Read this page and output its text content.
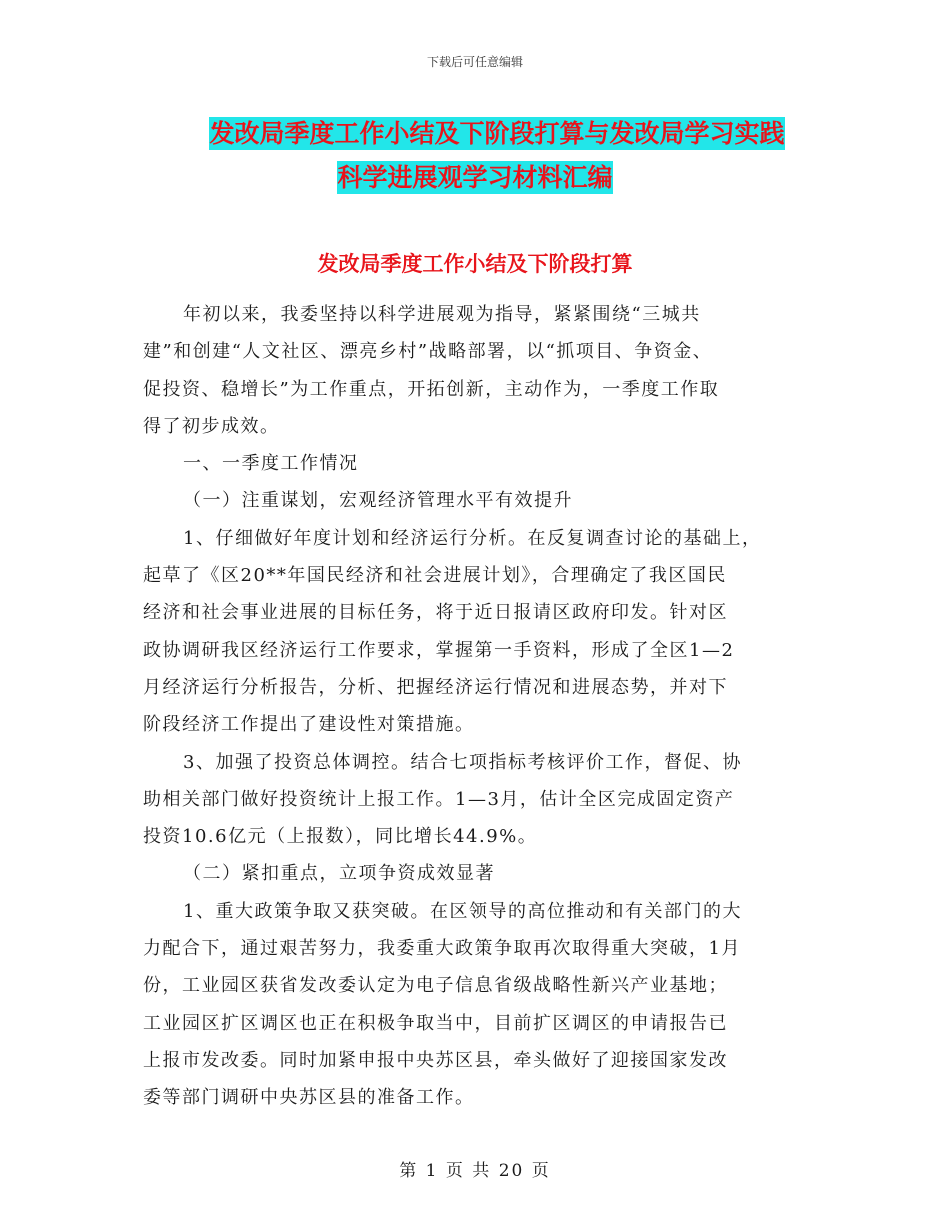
下载后可任意编辑
发改局季度工作小结及下阶段打算与发改局学习实践
科学进展观学习材料汇编
发改局季度工作小结及下阶段打算
年初以来，我委坚持以科学进展观为指导，紧紧围绕“三城共
建”和创建“人文社区、漂亮乡村”战略部署，以“抓项目、争资金、
促投资、稳增长”为工作重点，开拓创新，主动作为，一季度工作取
得了初步成效。
一、一季度工作情况
（一）注重谋划，宏观经济管理水平有效提升
1、仔细做好年度计划和经济运行分析。在反复调查讨论的基础上，
起草了《区20**年国民经济和社会进展计划》，合理确定了我区国民
经济和社会事业进展的目标任务，将于近日报请区政府印发。针对区
政协调研我区经济运行工作要求，掌握第一手资料，形成了全区1—2
月经济运行分析报告，分析、把握经济运行情况和进展态势，并对下
阶段经济工作提出了建设性对策措施。
3、加强了投资总体调控。结合七项指标考核评价工作，督促、协
助相关部门做好投资统计上报工作。1—3月，估计全区完成固定资产
投资10.6亿元（上报数），同比增长44.9%。
（二）紧扣重点，立项争资成效显著
1、重大政策争取又获突破。在区领导的高位推动和有关部门的大
力配合下，通过艰苦努力，我委重大政策争取再次取得重大突破，1月
份，工业园区获省发改委认定为电子信息省级战略性新兴产业基地；
工业园区扩区调区也正在积极争取当中，目前扩区调区的申请报告已
上报市发改委。同时加紧申报中央苏区县，牵头做好了迎接国家发改
委等部门调研中央苏区县的准备工作。
第 1 页 共 20 页
